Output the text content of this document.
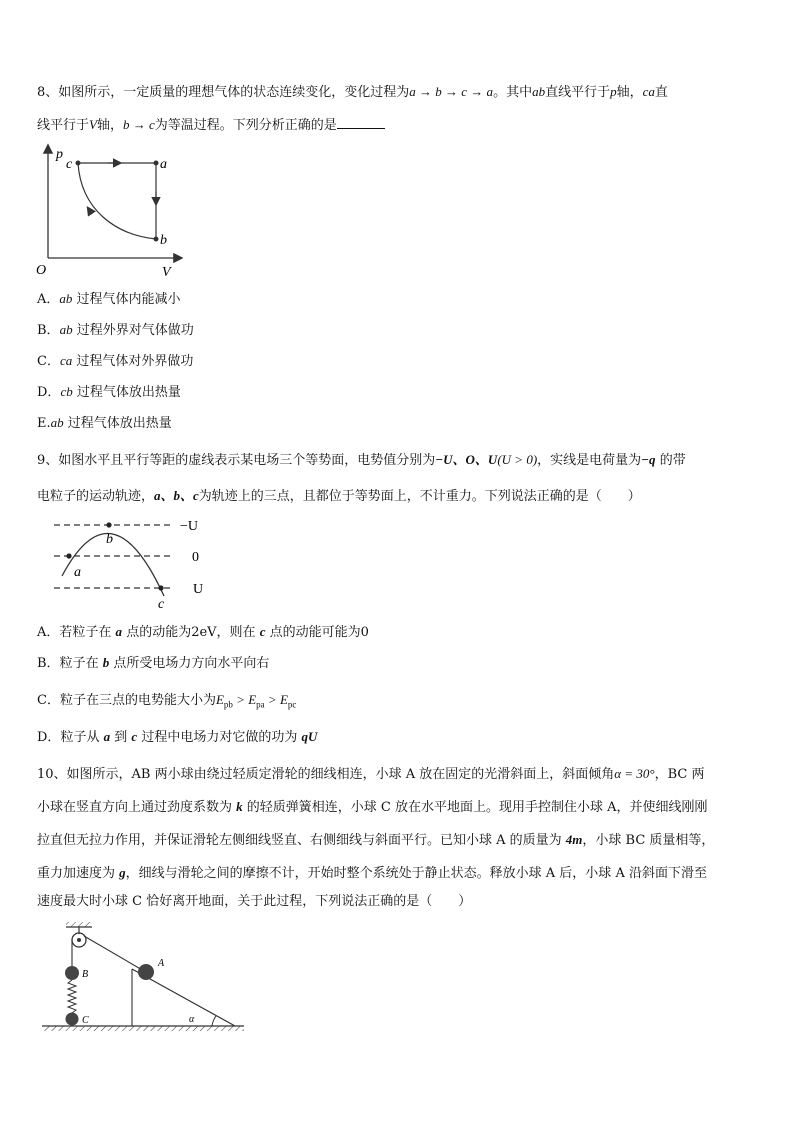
8、如图所示，一定质量的理想气体的状态连续变化，变化过程为a → b → c → a。其中ab直线平行于p轴，ca直
线平行于V轴，b → c为等温过程。下列分析正确的是
p
V
O
c	a
b
A．ab 过程气体内能减小
B．ab 过程外界对气体做功
C．ca 过程气体对外界做功
D．cb 过程气体放出热量
E.ab 过程气体放出热量
9、如图水平且平行等距的虚线表示某电场三个等势面，电势值分别为−U、O、U(U > 0)，实线是电荷量为−q 的带
电粒子的运动轨迹，a、b、c为轨迹上的三点，且都位于等势面上，不计重力。下列说法正确的是（　　）
a
b
c
−U
0
U
A．若粒子在 a 点的动能为2eV，则在 c 点的动能可能为0
B．粒子在 b 点所受电场力方向水平向右
C．粒子在三点的电势能大小为$E_{pb} > E_{pa} > E_{pc}$
D．粒子从 a 到 c 过程中电场力对它做的功为 qU
10、如图所示，AB 两小球由绕过轻质定滑轮的细线相连，小球 A 放在固定的光滑斜面上，斜面倾角α = 30°，BC 两
小球在竖直方向上通过劲度系数为 k 的轻质弹簧相连，小球 C 放在水平地面上。现用手控制住小球 A，并使细线刚刚
拉直但无拉力作用，并保证滑轮左侧细线竖直、右侧细线与斜面平行。已知小球 A 的质量为 4m，小球 BC 质量相等，
重力加速度为 g，细线与滑轮之间的摩擦不计，开始时整个系统处于静止状态。释放小球 A 后，小球 A 沿斜面下滑至
速度最大时小球 C 恰好离开地面，关于此过程，下列说法正确的是（　　）
A
B
C	α
